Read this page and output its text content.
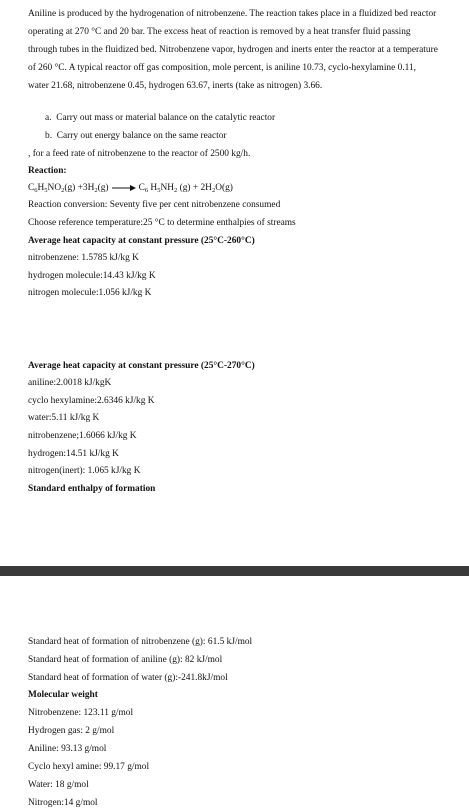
Aniline is produced by the hydrogenation of nitrobenzene. The reaction takes place in a fluidized bed reactor operating at 270 °C and 20 bar. The excess heat of reaction is removed by a heat transfer fluid passing through tubes in the fluidized bed. Nitrobenzene vapor, hydrogen and inerts enter the reactor at a temperature of 260 °C. A typical reactor off gas composition, mole percent, is aniline 10.73, cyclo-hexylamine 0.11, water 21.68, nitrobenzene 0.45, hydrogen 63.67, inerts (take as nitrogen) 3.66.
a. Carry out mass or material balance on the catalytic reactor
b. Carry out energy balance on the same reactor
, for a feed rate of nitrobenzene to the reactor of 2500 kg/h.
Reaction:
$C_6H_5NO_2(g) +3H_2(g) \to C_6$ $H_5NH_2$ $(g) + 2H_2O(g)$
Reaction conversion: Seventy five per cent nitrobenzene consumed
Choose reference temperature:25 °C to determine enthalpies of streams
Average heat capacity at constant pressure (25°C-260°C)
nitrobenzene: 1.5785 kJ/kg K
hydrogen molecule:14.43 kJ/kg K
nitrogen molecule:1.056 kJ/kg K
Average heat capacity at constant pressure (25°C-270°C)
aniline:2.0018 kJ/kgK
cyclo hexylamine:2.6346 kJ/kg K
water:5.11 kJ/kg K
nitrobenzene;1.6066 kJ/kg K
hydrogen:14.51 kJ/kg K
nitrogen(inert): 1.065 kJ/kg K
Standard enthalpy of formation
Standard heat of formation of nitrobenzene (g): 61.5 kJ/mol
Standard heat of formation of aniline (g): 82 kJ/mol
Standard heat of formation of water (g):-241.8kJ/mol
Molecular weight
Nitrobenzene: 123.11 g/mol
Hydrogen gas: 2 g/mol
Aniline: 93.13 g/mol
Cyclo hexyl amine: 99.17 g/mol
Water: 18 g/mol
Nitrogen:14 g/mol
